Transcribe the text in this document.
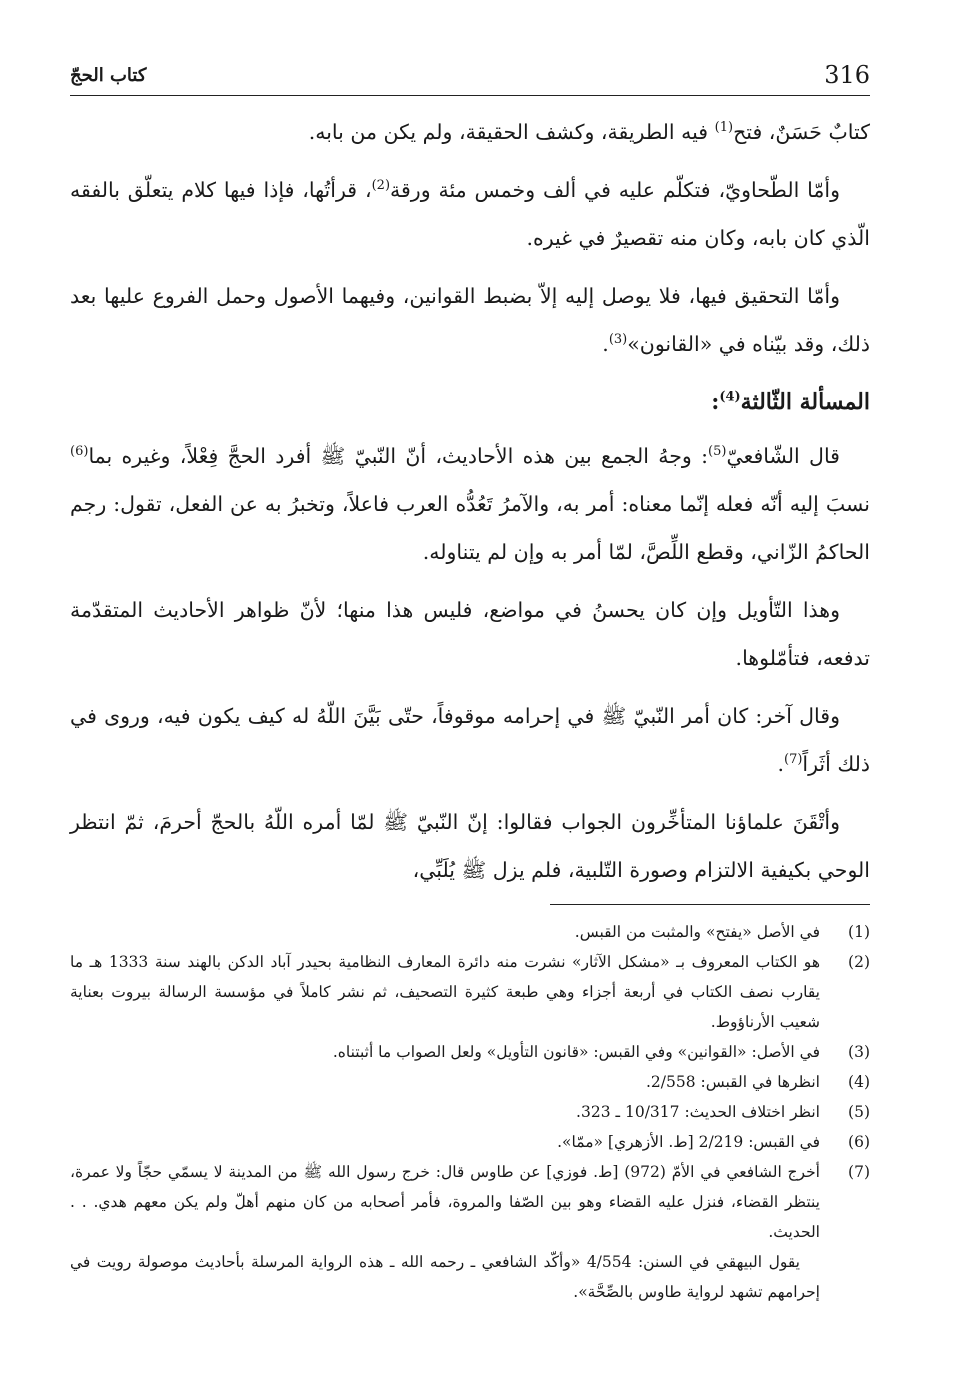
316
كتاب الحجّ

كتابٌ حَسَنٌ، فتح$^{(1)}$ فيه الطريقة، وكشف الحقيقة، ولم يكن من بابه.

وأمّا الطّحاويّ، فتكلّم عليه في ألف وخمس مئة ورقة$^{(2)}$، قرأتُها، فإذا فيها كلام يتعلّق بالفقه الّذي كان بابه، وكان منه تقصيرٌ في غيره.

وأمّا التحقيق فيها، فلا يوصل إليه إلاّ بضبط القوانين، وفيهما الأصول وحمل الفروع عليها بعد ذلك، وقد بيّناه في «القانون»$^{(3)}$.

المسألة الثّالثة$^{(4)}$:

قال الشّافعيّ$^{(5)}$: وجهُ الجمع بين هذه الأحاديث، أنّ النّبيّ ﷺ أفرد الحجَّ فِعْلاً، وغيره بما$^{(6)}$ نسبَ إليه أنّه فعله إنّما معناه: أمر به، والآمرُ تَعُدُّه العرب فاعلاً، وتخبرُ به عن الفعل، تقول: رجم الحاكمُ الزّاني، وقطع اللِّصَّ، لمّا أمر به وإن لم يتناوله.

وهذا التّأويل وإن كان يحسنُ في مواضع، فليس هذا منها؛ لأنّ ظواهر الأحاديث المتقدّمة تدفعه، فتأمّلوها.

وقال آخر: كان أمر النّبيّ ﷺ في إحرامه موقوفاً، حتّى بَيَّنَ اللّهُ له كيف يكون فيه، وروى في ذلك أثَراً$^{(7)}$.

وأتْقَنَ علماؤنا المتأخِّرون الجواب فقالوا: إنّ النّبيّ ﷺ لمّا أمره اللّهُ بالحجّ أحرمَ، ثمّ انتظر الوحي بكيفية الالتزام وصورة التّلبية، فلم يزل ﷺ يُلَبِّي،

(1)
في الأصل «يفتح» والمثبت من القبس.
(2)
هو الكتاب المعروف بـ «مشكل الآثار» نشرت منه دائرة المعارف النظامية بحيدر آباد الدكن بالهند سنة 1333 هـ ما يقارب نصف الكتاب في أربعة أجزاء وهي طبعة كثيرة التصحيف، ثم نشر كاملاً في مؤسسة الرسالة بيروت بعناية شعيب الأرناؤوط.
(3)
في الأصل: «القوانين» وفي القبس: «قانون التأويل» ولعل الصواب ما أثبتناه.
(4)
انظرها في القبس: 2/558.
(5)
انظر اختلاف الحديث: 10/317 ـ 323.
(6)
في القبس: 2/219 [ط. الأزهري] «ممّا».
(7)
أخرج الشافعي في الأمّ (972) [ط. فوزي] عن طاوس قال: خرج رسول الله ﷺ من المدينة لا يسمّي حجّاً ولا عمرة، ينتظر القضاء، فنزل عليه القضاء وهو بين الصّفا والمروة، فأمر أصحابه من كان منهم أهلّ ولم يكن معهم هدي. . . الحديث.
يقول البيهقي في السنن: 4/554 «وأكّد الشافعي ـ رحمه الله ـ هذه الرواية المرسلة بأحاديث موصولة رويت في إحرامهم تشهد لرواية طاوس بالصِّحَّة».
